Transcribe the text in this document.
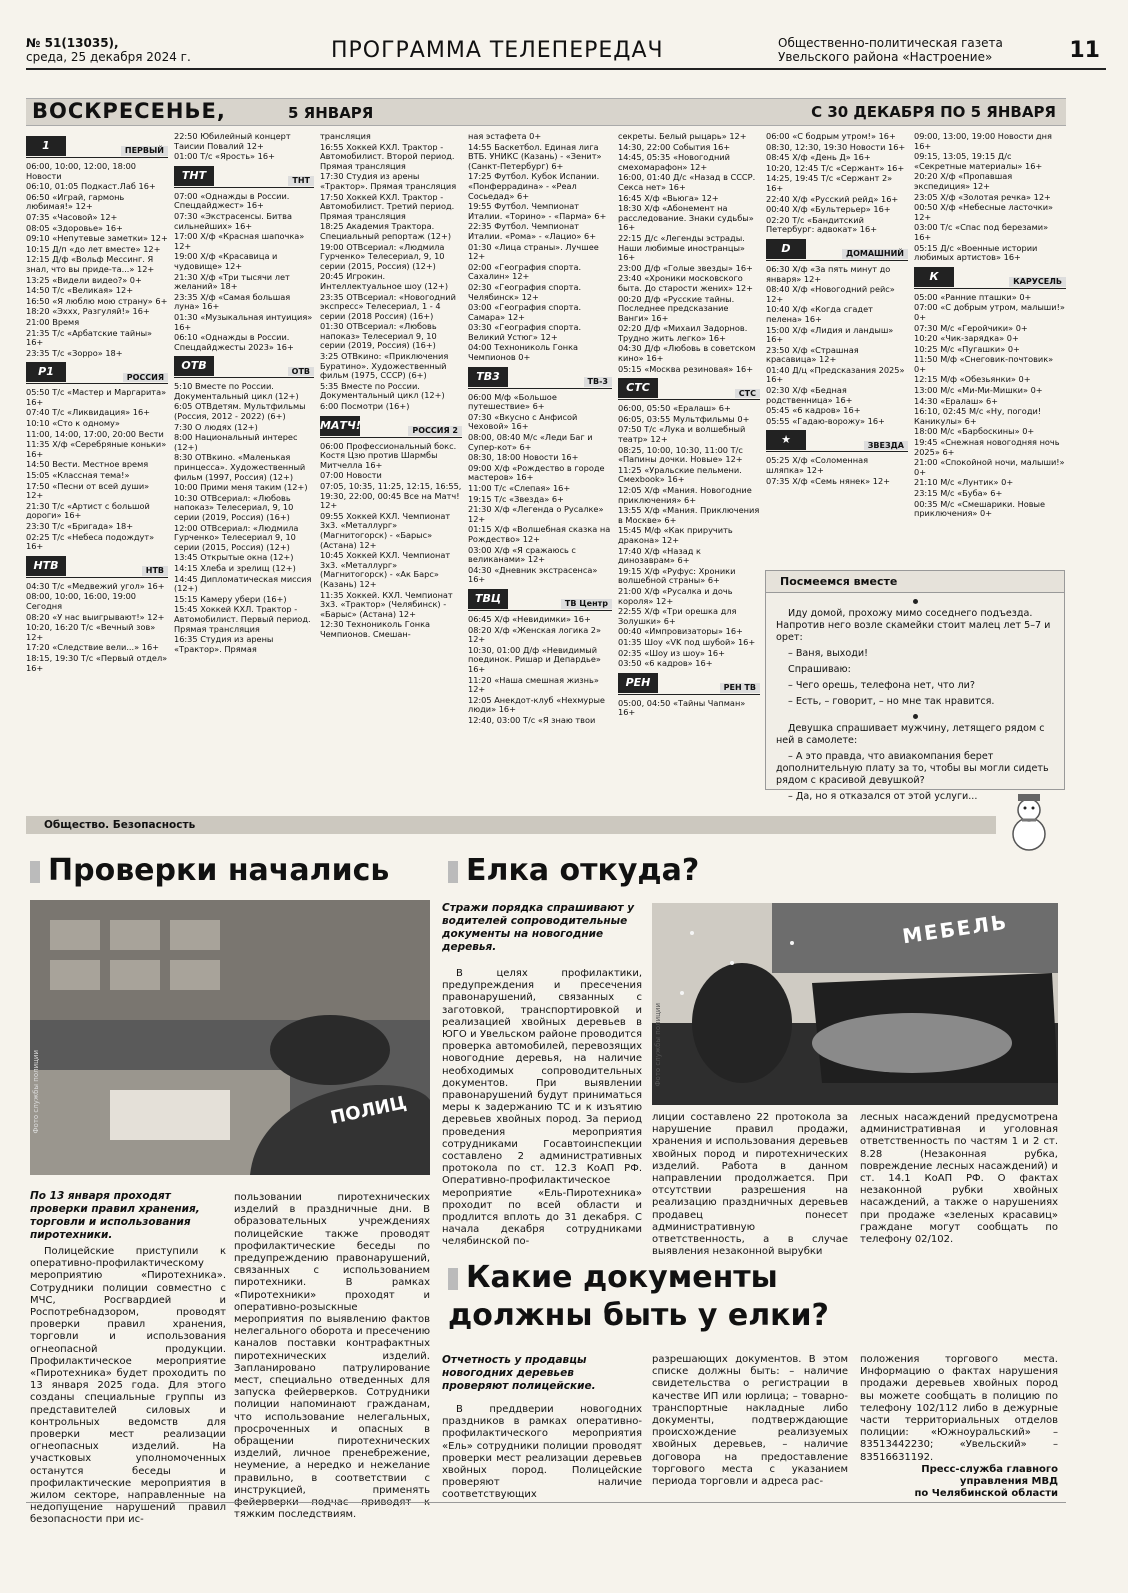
№ 51(13035),
среда, 25 декабря 2024 г.	ПРОГРАММА ТЕЛЕПЕРЕДАЧ	Общественно-политическая газета Увельского района «Настроение»	11
ВОСКРЕСЕНЬЕ,	5 ЯНВАРЯ	С 30 ДЕКАБРЯ ПО 5 ЯНВАРЯ
1	ПЕРВЫЙ
06:00, 10:00, 12:00, 18:00 Новости
06:10, 01:05 Подкаст.Лаб 16+
06:50 «Играй, гармонь любимая!» 12+
07:35 «Часовой» 12+
08:05 «Здоровье» 16+
09:10 «Непутевые заметки» 12+
10:15 Д/п «до лет вместе» 12+
12:15 Д/ф «Вольф Мессинг. Я знал, что вы приде-та...» 12+
13:25 «Видели видео?» 0+
14:50 Т/с «Великая» 12+
16:50 «Я люблю мою страну» 6+
18:20 «Эххх, Разгуляй!» 16+
21:00 Время
21:35 Т/с «Арбатские тайны» 16+
23:35 Т/с «Зорро» 18+
Р1	РОССИЯ
05:50 Т/с «Мастер и Маргарита» 16+
07:40 Т/с «Ликвидация» 16+
10:10 «Сто к одному»
11:00, 14:00, 17:00, 20:00 Вести
11:35 Х/ф «Серебряные коньки» 16+
14:50 Вести. Местное время
15:05 «Классная тема!»
17:50 «Песни от всей души» 12+
21:30 Т/с «Артист с большой дороги» 16+
23:30 Т/с «Бригада» 18+
02:25 Т/с «Небеса подождут» 16+
НТВ	НТВ
04:30 Т/с «Медвежий угол» 16+
08:00, 10:00, 16:00, 19:00 Сегодня
08:20 «У нас выигрывают!» 12+
10:20, 16:20 Т/с «Вечный зов» 12+
17:20 «Следствие вели...» 16+
18:15, 19:30 Т/с «Первый отдел» 16+
22:50 Юбилейный концерт Таисии Повалий 12+
01:00 Т/с «Ярость» 16+
ТНТ	ТНТ
07:00 «Однажды в России. Спецдайджест» 16+
07:30 «Экстрасенсы. Битва сильнейших» 16+
17:00 Х/ф «Красная шапочка» 12+
19:00 Х/ф «Красавица и чудовище» 12+
21:30 Х/ф «Три тысячи лет желаний» 18+
23:35 Х/ф «Самая большая луна» 16+
01:30 «Музыкальная интуиция» 16+
06:10 «Однажды в России. Спецдайджесты 2023» 16+
ОТВ	ОТВ
5:10 Вместе по России. Документальный цикл (12+)
6:05 ОТВдетям. Мультфильмы (Россия, 2012 - 2022) (6+)
7:30 О людях (12+)
8:00 Национальный интерес (12+)
8:30 ОТВкино. «Маленькая принцесса». Художественный фильм (1997, Россия) (12+)
10:00 Прими меня таким (12+)
10:30 ОТВсериал: «Любовь напоказ» Телесериал, 9, 10 серии (2019, Россия) (16+)
12:00 ОТВсериал: «Людмила Гурченко» Телесериал 9, 10 серии (2015, Россия) (12+)
13:45 Открытые окна (12+)
14:15 Хлеба и зрелищ (12+)
14:45 Дипломатическая миссия (12+)
15:15 Камеру убери (16+)
15:45 Хоккей КХЛ. Трактор - Автомобилист. Первый период. Прямая трансляция
16:35 Студия из арены «Трактор». Прямая
трансляция
16:55 Хоккей КХЛ. Трактор - Автомобилист. Второй период. Прямая трансляция
17:30 Студия из арены «Трактор». Прямая трансляция
17:50 Хоккей КХЛ. Трактор - Автомобилист. Третий период. Прямая трансляция
18:25 Академия Трактора. Специальный репортаж (12+)
19:00 ОТВсериал: «Людмила Гурченко» Телесериал, 9, 10 серии (2015, Россия) (12+)
20:45 Игрокин. Интеллектуальное шоу (12+)
23:35 ОТВсериал: «Новогодний экспресс» Телесериал, 1 - 4 серии (2018 Россия) (16+)
01:30 ОТВсериал: «Любовь напоказ» Телесериал 9, 10 серии (2019, Россия) (16+)
3:25 ОТВкино: «Приключения Буратино». Художественный фильм (1975, СССР) (6+)
5:35 Вместе по России. Документальный цикл (12+)
6:00 Посмотри (16+)
МАТЧ!	РОССИЯ 2
06:00 Профессиональный бокс. Костя Цзю против Шармбы Митчелла 16+
07:00 Новости
07:05, 10:35, 11:25, 12:15, 16:55, 19:30, 22:00, 00:45 Все на Матч! 12+
09:55 Хоккей КХЛ. Чемпионат 3х3. «Металлург» (Магнитогорск) - «Барыс» (Астана) 12+
10:45 Хоккей КХЛ. Чемпионат 3х3. «Металлург» (Магнитогорск) - «Ак Барс» (Казань) 12+
11:35 Хоккей. КХЛ. Чемпионат 3х3. «Трактор» (Челябинск) - «Барыс» (Астана) 12+
12:30 Технониколь Гонка Чемпионов. Смешан-
ная эстафета 0+
14:55 Баскетбол. Единая лига ВТБ. УНИКС (Казань) - «Зенит» (Санкт-Петербург) 6+
17:25 Футбол. Кубок Испании. «Понферрадина» - «Реал Сосьедад» 6+
19:55 Футбол. Чемпионат Италии. «Торино» - «Парма» 6+
22:35 Футбол. Чемпионат Италии. «Рома» - «Лацио» 6+
01:30 «Лица страны». Лучшее 12+
02:00 «География спорта. Сахалин» 12+
02:30 «География спорта. Челябинск» 12+
03:00 «География спорта. Самара» 12+
03:30 «География спорта. Великий Устюг» 12+
04:00 Технониколь Гонка Чемпионов 0+
ТВ3	ТВ-3
06:00 М/ф «Большое путешествие» 6+
07:30 «Вкусно с Анфисой Чеховой» 16+
08:00, 08:40 М/с «Леди Баг и Супер-кот» 6+
08:30, 18:00 Новости 16+
09:00 Х/ф «Рождество в городе мастеров» 16+
11:00 Т/с «Слепая» 16+
19:15 Т/с «Звезда» 6+
21:30 Х/ф «Легенда о Русалке» 12+
01:15 Х/ф «Волшебная сказка на Рождество» 12+
03:00 Х/ф «Я сражаюсь с великанами» 12+
04:30 «Дневник экстрасенса» 16+
ТВЦ	ТВ Центр
06:45 Х/ф «Невидимки» 16+
08:20 Х/ф «Женская логика 2» 12+
10:30, 01:00 Д/ф «Невидимый поединок. Ришар и Депардье» 16+
11:20 «Наша смешная жизнь» 12+
12:05 Анекдот-клуб «Нехмурые люди» 16+
12:40, 03:00 Т/с «Я знаю твои
секреты. Белый рыцарь» 12+
14:30, 22:00 События 16+
14:45, 05:35 «Новогодний смехомарафон» 12+
16:00, 01:40 Д/с «Назад в СССР. Секса нет» 16+
16:45 Х/ф «Вьюга» 12+
18:30 Х/ф «Абонемент на расследование. Знаки судьбы» 16+
22:15 Д/с «Легенды эстрады. Наши любимые иностранцы» 16+
23:00 Д/ф «Голые звезды» 16+
23:40 «Хроники московского быта. До старости жених» 12+
00:20 Д/ф «Русские тайны. Последнее предсказание Ванги» 16+
02:20 Д/ф «Михаил Задорнов. Трудно жить легко» 16+
04:30 Д/ф «Любовь в советском кино» 16+
05:15 «Москва резиновая» 16+
СТС	СТС
06:00, 05:50 «Ералаш» 6+
06:05, 03:55 Мультфильмы 0+
07:50 Т/с «Лука и волшебный театр» 12+
08:25, 10:00, 10:30, 11:00 Т/с «Папины дочки. Новые» 12+
11:25 «Уральские пельмени. Смехbook» 16+
12:05 Х/ф «Мания. Новогодние приключения» 6+
13:55 Х/ф «Мания. Приключения в Москве» 6+
15:45 М/ф «Как приручить дракона» 12+
17:40 Х/ф «Назад к динозаврам» 6+
19:15 Х/ф «Руфус: Хроники волшебной страны» 6+
21:00 Х/ф «Русалка и дочь короля» 12+
22:55 Х/ф «Три орешка для Золушки» 6+
00:40 «Импровизаторы» 16+
01:35 Шоу «VK под шубой» 16+
02:35 «Шоу из шоу» 16+
03:50 «6 кадров» 16+
РЕН	РЕН ТВ
05:00, 04:50 «Тайны Чапман» 16+
06:00 «С бодрым утром!» 16+
08:30, 12:30, 19:30 Новости 16+
08:45 Х/ф «День Д» 16+
10:20, 12:45 Т/с «Сержант» 16+
14:25, 19:45 Т/с «Сержант 2» 16+
22:40 Х/ф «Русский рейд» 16+
00:40 Х/ф «Бультерьер» 16+
02:20 Т/с «Бандитский Петербург: адвокат» 16+
D	ДОМАШНИЙ
06:30 Х/ф «За пять минут до января» 12+
08:40 Х/ф «Новогодний рейс» 12+
10:40 Х/ф «Когда сгадет пелена» 16+
15:00 Х/ф «Лидия и ландыш» 16+
23:50 Х/ф «Страшная красавица» 12+
01:40 Д/ц «Предсказания 2025» 16+
02:30 Х/ф «Бедная родственница» 16+
05:45 «6 кадров» 16+
05:55 «Гадаю-ворожу» 16+
★	ЗВЕЗДА
05:25 Х/ф «Соломенная шляпка» 12+
07:35 Х/ф «Семь нянек» 12+
09:00, 13:00, 19:00 Новости дня 16+
09:15, 13:05, 19:15 Д/с «Секретные материалы» 16+
20:20 Х/ф «Пропавшая экспедиция» 12+
23:05 Х/ф «Золотая речка» 12+
00:50 Х/ф «Небесные ласточки» 12+
03:00 Т/с «Спас под березами» 16+
05:15 Д/с «Военные истории любимых артистов» 16+
К	КАРУСЕЛЬ
05:00 «Ранние пташки» 0+
07:00 «С добрым утром, малыши!» 0+
07:30 М/с «Геройчики» 0+
10:20 «Чик-зарядка» 0+
10:25 М/с «Пугашки» 0+
11:50 М/ф «Снеговик-почтовик» 0+
12:15 М/ф «Обезьянки» 0+
13:00 М/с «Ми-Ми-Мишки» 0+
14:30 «Ералаш» 6+
16:10, 02:45 М/с «Ну, погоди! Каникулы» 6+
18:00 М/с «Барбоскины» 0+
19:45 «Снежная новогодняя ночь 2025» 6+
21:00 «Спокойной ночи, малыши!» 0+
21:10 М/с «Лунтик» 0+
23:15 М/с «Буба» 6+
00:35 М/с «Смешарики. Новые приключения» 0+
Посмеемся вместе

Иду домой, прохожу мимо соседнего подъезда. Напротив него возле скамейки стоит малец лет 5–7 и орет:

– Ваня, выходи!

Спрашиваю:

– Чего орешь, телефона нет, что ли?

– Есть, – говорит, – но мне так нравится.

Девушка спрашивает мужчину, летящего рядом с ней в самолете:

– А это правда, что авиакомпания берет дополнительную плату за то, чтобы вы могли сидеть рядом с красивой девушкой?

– Да, но я отказался от этой услуги...

Общество. Безопасность
Проверки начались
ПОЛИЦ
Фото службы полиции
По 13 января проходят проверки правил хранения, торговли и использования пиротехники.

Полицейские приступили к оперативно-профилактическому мероприятию «Пиротехника». Сотрудники полиции совместно с МЧС, Росгвардией и Роспотребнадзором, проводят проверки правил хранения, торговли и использования огнеопасной продукции. Профилактическое мероприятие «Пиротехника» будет проходить по 13 января 2025 года. Для этого созданы специальные группы из представителей силовых и контрольных ведомств для проверки мест реализации огнеопасных изделий. На участковых уполномоченных останутся беседы и профилактические мероприятия в жилом секторе, направленные на недопущение нарушений правил безопасности при ис-

пользовании пиротехнических изделий в праздничные дни. В образовательных учреждениях полицейские также проводят профилактические беседы по предупреждению правонарушений, связанных с использованием пиротехники. В рамках «Пиротехники» проходят и оперативно-розыскные мероприятия по выявлению фактов нелегального оборота и пресечению каналов поставки контрафактных пиротехнических изделий. Запланировано патрулирование мест, специально отведенных для запуска фейерверков. Сотрудники полиции напоминают гражданам, что использование нелегальных, просроченных и опасных в обращении пиротехнических изделий, личное пренебрежение, неумение, а нередко и нежелание правильно, в соответствии с инструкцией, применять фейерверки подчас приводят к тяжким последствиям.

Елка откуда?
Стражи порядка спрашивают у водителей сопроводительные документы на новогодние деревья.	МЕБЕЛЬ
Фото службы полиции

В целях профилактики, предупреждения и пресечения правонарушений, связанных с заготовкой, транспортировкой и реализацией хвойных деревьев в ЮГО и Увельском районе проводится проверка автомобилей, перевозящих новогодние деревья, на наличие необходимых сопроводительных документов. При выявлении правонарушений будут приниматься меры к задержанию ТС и к изъятию деревьев хвойных пород. За период проведения мероприятия сотрудниками Госавтоинспекции составлено 2 административных протокола по ст. 12.3 КоАП РФ. Оперативно-профилактическое мероприятие «Ель-Пиротехника» проходит по всей области и продлится вплоть до 31 декабря. С начала декабря сотрудниками челябинской по-

лиции составлено 22 протокола за нарушение правил продажи, хранения и использования деревьев хвойных пород и пиротехнических изделий. Работа в данном направлении продолжается. При отсутствии разрешения на реализацию праздничных деревьев продавец понесет административную ответственность, а в случае выявления незаконной вырубки

лесных насаждений предусмотрена административная и уголовная ответственность по частям 1 и 2 ст. 8.28 (Незаконная рубка, повреждение лесных насаждений) и ст. 14.1 КоАП РФ. О фактах незаконной рубки хвойных насаждений, а также о нарушениях при продаже «зеленых красавиц» граждане могут сообщать по телефону 02/102.

Какие документы
должны быть у елки?
Отчетность у продавцы новогодних деревьев проверяют полицейские.

В преддверии новогодних праздников в рамках оперативно-профилактического мероприятия «Ель» сотрудники полиции проводят проверки мест реализации деревьев хвойных пород. Полицейские проверяют наличие соответствующих

разрешающих документов. В этом списке должны быть: – наличие свидетельства о регистрации в качестве ИП или юрлица; – товарно-транспортные накладные либо документы, подтверждающие происхождение реализуемых хвойных деревьев, – наличие договора на предоставление торгового места с указанием периода торговли и адреса рас-

положения торгового места. Информацию о фактах нарушения продажи деревьев хвойных пород вы можете сообщать в полицию по телефону 102/112 либо в дежурные части территориальных отделов полиции: «Южноуральский» – 83513442230; «Увельский» – 83516631192.

Пресс-служба главного

управления МВД

по Челябинской области
